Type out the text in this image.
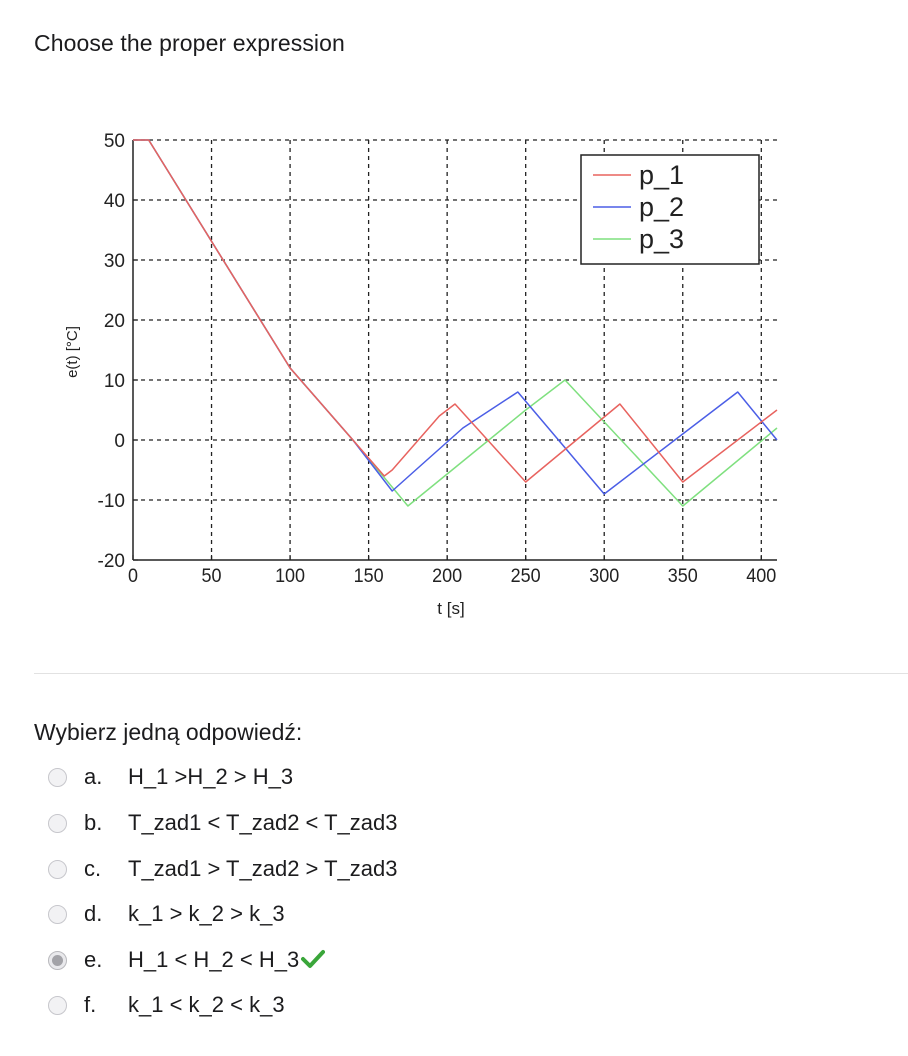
Choose the proper expression
0	50	100	150	200	250	300	350	400
50
40
30
20
10
0
-10
-20
t [s]
e(t) [°C]
p_1
p_2
p_3
Wybierz jedną odpowiedź:
a. H_1 >H_2 > H_3
b. T_zad1 < T_zad2 < T_zad3
c. T_zad1 > T_zad2 > T_zad3
d. k_1 > k_2 > k_3
e. H_1 < H_2 < H_3
f. k_1 < k_2 < k_3
